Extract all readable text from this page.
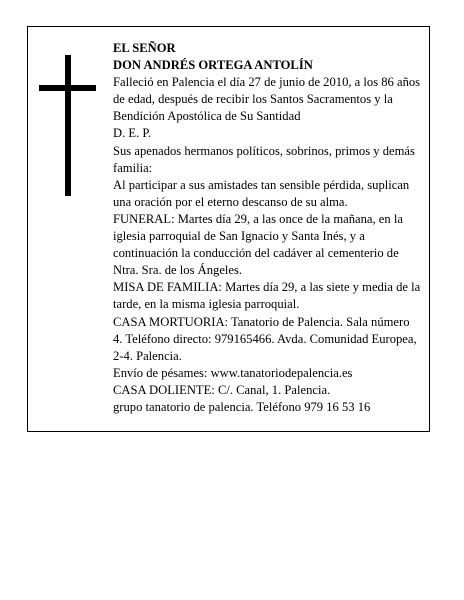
EL SEÑOR

DON ANDRÉS ORTEGA ANTOLÍN

Falleció en Palencia el día 27 de junio de 2010, a los 86 años de edad, después de recibir los Santos Sacramentos y la Bendición Apostólica de Su Santidad

D. E. P.

Sus apenados hermanos políticos, sobrinos, primos y demás familia:

Al participar a sus amistades tan sensible pérdida, suplican una oración por el eterno descanso de su alma.

FUNERAL: Martes día 29, a las once de la mañana, en la iglesia parroquial de San Ignacio y Santa Inés, y a continuación la conducción del cadáver al cementerio de Ntra. Sra. de los Ángeles.

MISA DE FAMILIA: Martes día 29, a las siete y media de la tarde, en la misma iglesia parroquial.

CASA MORTUORIA: Tanatorio de Palencia. Sala número 4. Teléfono directo: 979165466. Avda. Comunidad Europea, 2-4. Palencia.

Envío de pésames: www.tanatoriodepalencia.es

CASA DOLIENTE: C/. Canal, 1. Palencia.

grupo tanatorio de palencia. Teléfono 979 16 53 16
